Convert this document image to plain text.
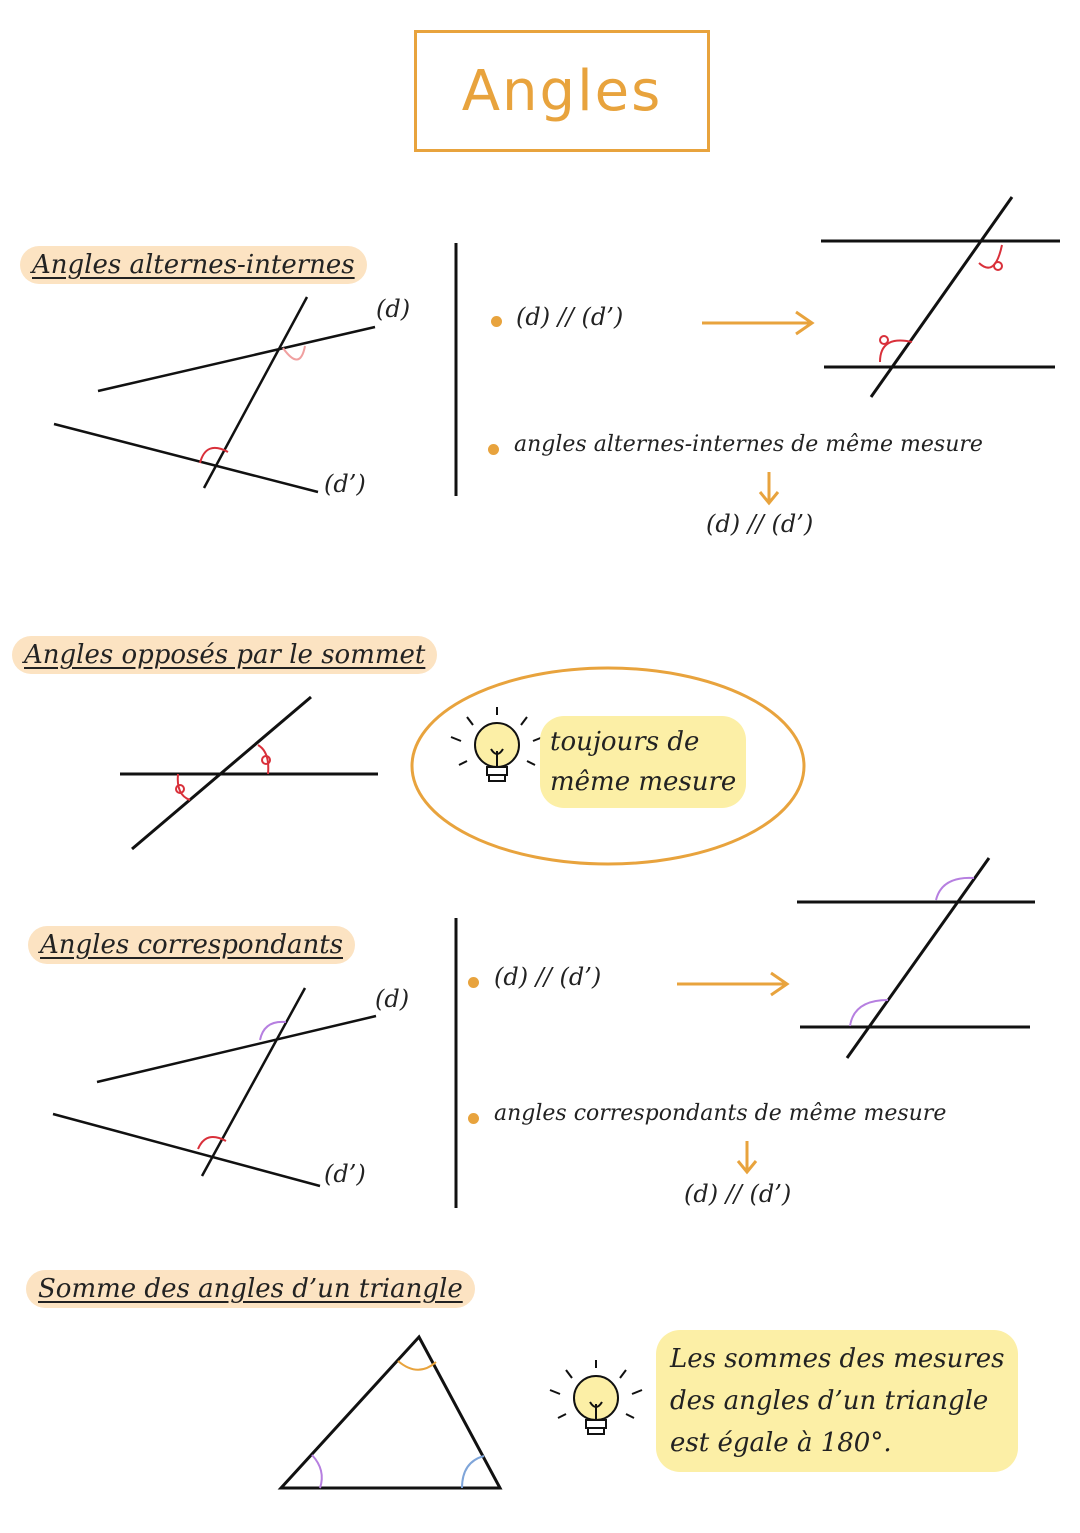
Angles
Angles alternes-internes
(d)
(d’)
(d) // (d’)
angles alternes-internes de même mesure
(d) // (d’)
Angles opposés par le sommet
toujours de
même mesure
Angles correspondants
(d)
(d’)
(d) // (d’)
angles correspondants de même mesure
(d) // (d’)
Somme des angles d’un triangle
Les sommes des mesures
des angles d’un triangle
est égale à 180°.
